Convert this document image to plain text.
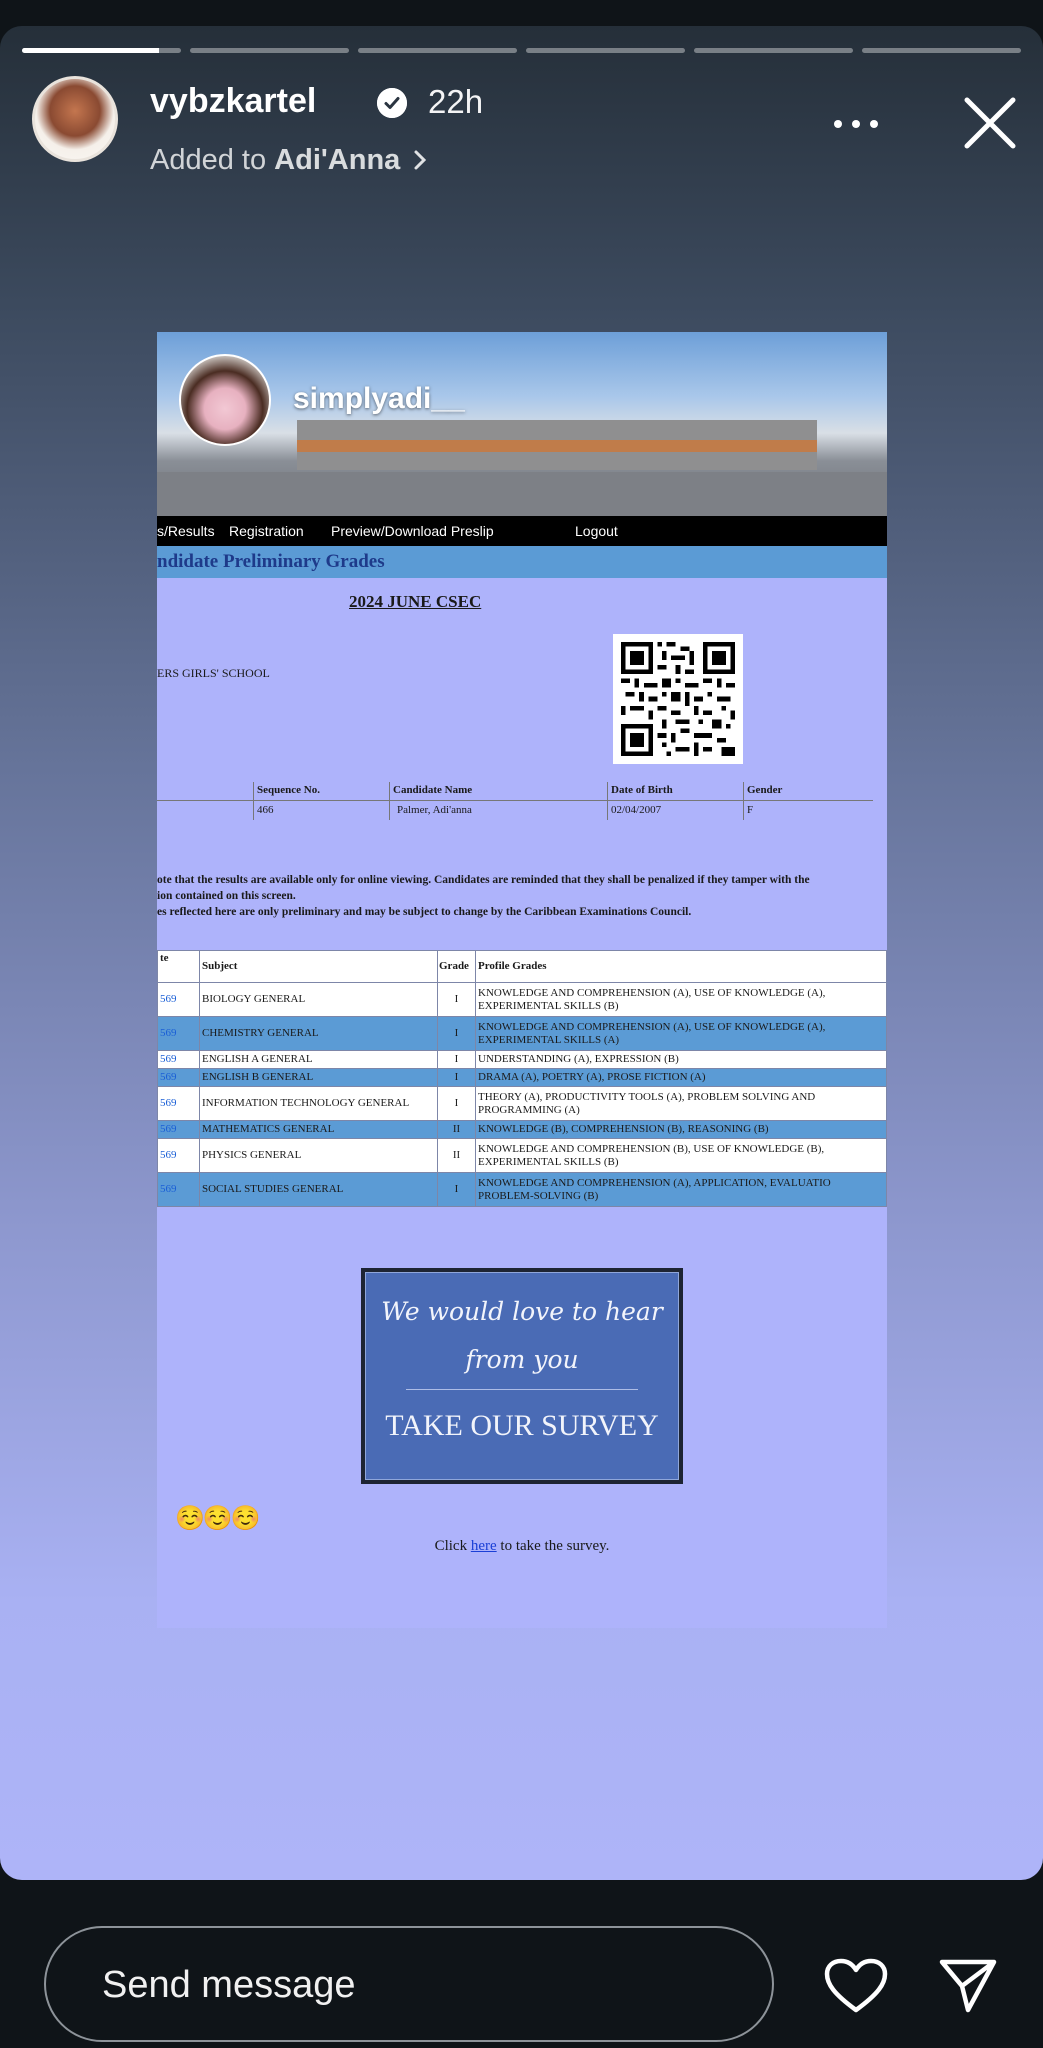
vybzkartel	22h
Added to Adi'Anna
simplyadi__
s/Results Registration Preview/Download Preslip	Logout
ndidate Preliminary Grades
2024 JUNE CSEC
ERS GIRLS' SCHOOL
Sequence No.	Candidate Name	Date of Birth	Gender
466	Palmer, Adi'anna	02/04/2007	F

ote that the results are available only for online viewing. Candidates are reminded that they shall be penalized if they tamper with the

ion contained on this screen.

es reflected here are only preliminary and may be subject to change by the Caribbean Examinations Council.

te	Subject	Grade	Profile Grades
569	BIOLOGY GENERAL	I	KNOWLEDGE AND COMPREHENSION (A), USE OF KNOWLEDGE (A), EXPERIMENTAL SKILLS (B)
569	CHEMISTRY GENERAL	I	KNOWLEDGE AND COMPREHENSION (A), USE OF KNOWLEDGE (A), EXPERIMENTAL SKILLS (A)
569	ENGLISH A GENERAL	I	UNDERSTANDING (A), EXPRESSION (B)
569	ENGLISH B GENERAL	I	DRAMA (A), POETRY (A), PROSE FICTION (A)
569	INFORMATION TECHNOLOGY GENERAL	I	THEORY (A), PRODUCTIVITY TOOLS (A), PROBLEM SOLVING AND PROGRAMMING (A)
569	MATHEMATICS GENERAL	II	KNOWLEDGE (B), COMPREHENSION (B), REASONING (B)
569	PHYSICS GENERAL	II	KNOWLEDGE AND COMPREHENSION (B), USE OF KNOWLEDGE (B), EXPERIMENTAL SKILLS (B)
569	SOCIAL STUDIES GENERAL	I	KNOWLEDGE AND COMPREHENSION (A), APPLICATION, EVALUATIO PROBLEM-SOLVING (B)
We would love to hear
from you
TAKE OUR SURVEY
☺️☺️☺️
Click here to take the survey.
Send message
